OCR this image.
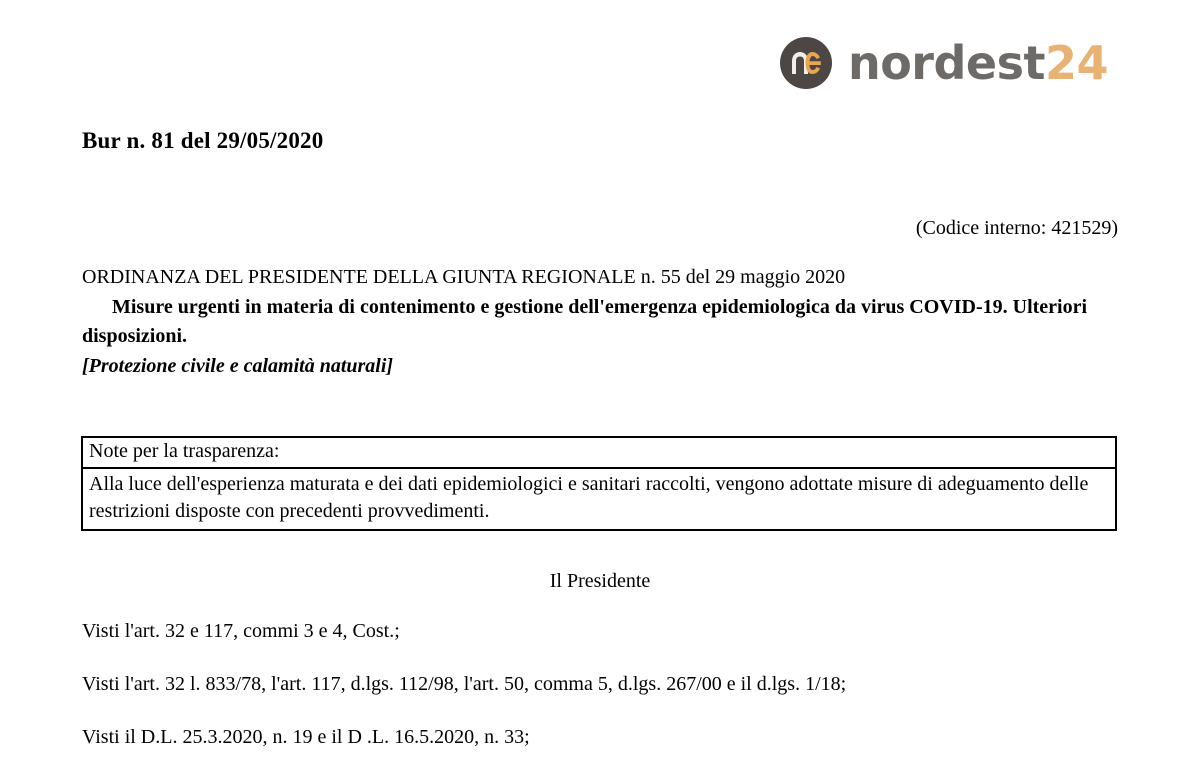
nordest24
Bur n. 81 del 29/05/2020
(Codice interno: 421529)
ORDINANZA DEL PRESIDENTE DELLA GIUNTA REGIONALE n. 55 del 29 maggio 2020
Misure urgenti in materia di contenimento e gestione dell'emergenza epidemiologica da virus COVID-19. Ulteriori disposizioni.
[Protezione civile e calamità naturali]
Note per la trasparenza:
Alla luce dell'esperienza maturata e dei dati epidemiologici e sanitari raccolti, vengono adottate misure di adeguamento delle restrizioni disposte con precedenti provvedimenti.
Il Presidente

Visti l'art. 32 e 117, commi 3 e 4, Cost.;

Visti l'art. 32 l. 833/78, l'art. 117, d.lgs. 112/98, l'art. 50, comma 5, d.lgs. 267/00 e il d.lgs. 1/18;

Visti il D.L. 25.3.2020, n. 19 e il D .L. 16.5.2020, n. 33;
